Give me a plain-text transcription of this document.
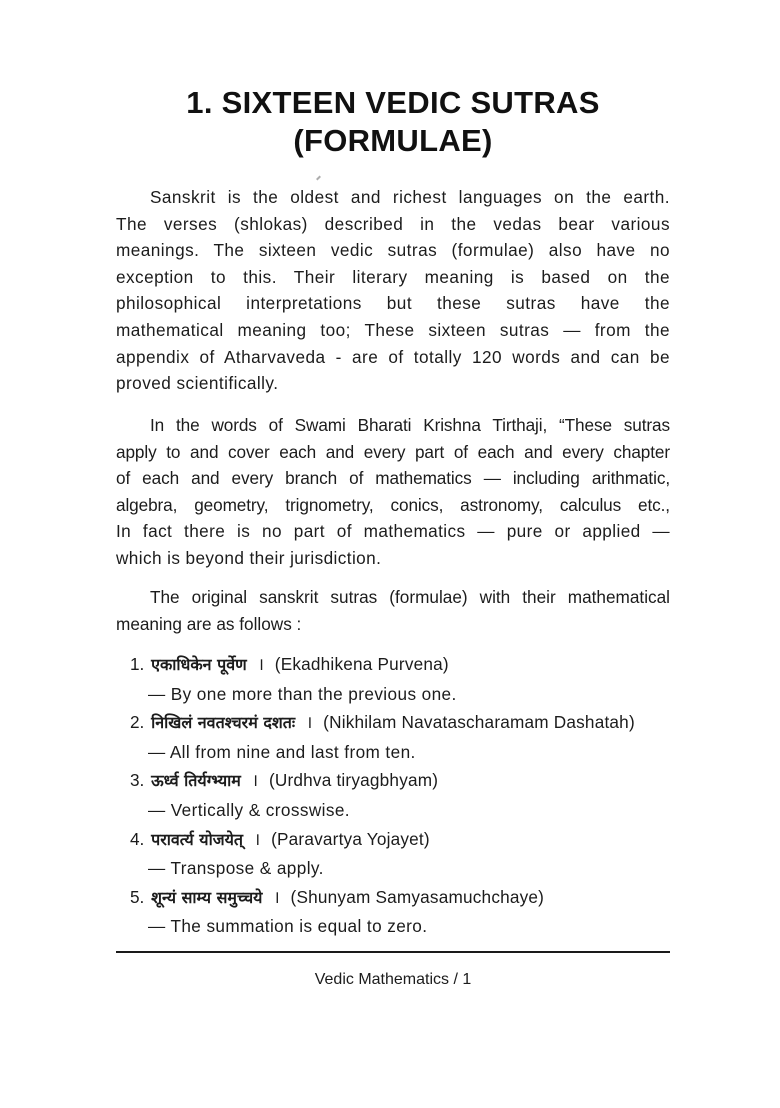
1. SIXTEEN VEDIC SUTRAS
(FORMULAE)

Sanskrit is the oldest and richest languages on the earth.
The verses (shlokas) described in the vedas bear various
meanings. The sixteen vedic sutras (formulae) also have no
exception to this. Their literary meaning is based on the
philosophical interpretations but these sutras have the
mathematical meaning too; These sixteen sutras — from the
appendix of Atharvaveda - are of totally 120 words and can be
proved scientifically.

In the words of Swami Bharati Krishna Tirthaji, “These sutras
apply to and cover each and every part of each and every chapter
of each and every branch of mathematics — including arithmatic,
algebra, geometry, trignometry, conics, astronomy, calculus etc.,
In fact there is no part of mathematics — pure or applied —
which is beyond their jurisdiction.

The original sanskrit sutras (formulae) with their mathematical
meaning are as follows :

1. एकाधिकेन पूर्वेण । (Ekadhikena Purvena)
— By one more than the previous one.
2. निखिलं नवतश्चरमं दशतः । (Nikhilam Navatascharamam Dashatah)
— All from nine and last from ten.
3. ऊर्ध्व तिर्यग्भ्याम । (Urdhva tiryagbhyam)
— Vertically & crosswise.
4. परावर्त्य योजयेत् । (Paravartya Yojayet)
— Transpose & apply.
5. शून्यं साम्य समुच्चये । (Shunyam Samyasamuchchaye)
— The summation is equal to zero.
Vedic Mathematics / 1
